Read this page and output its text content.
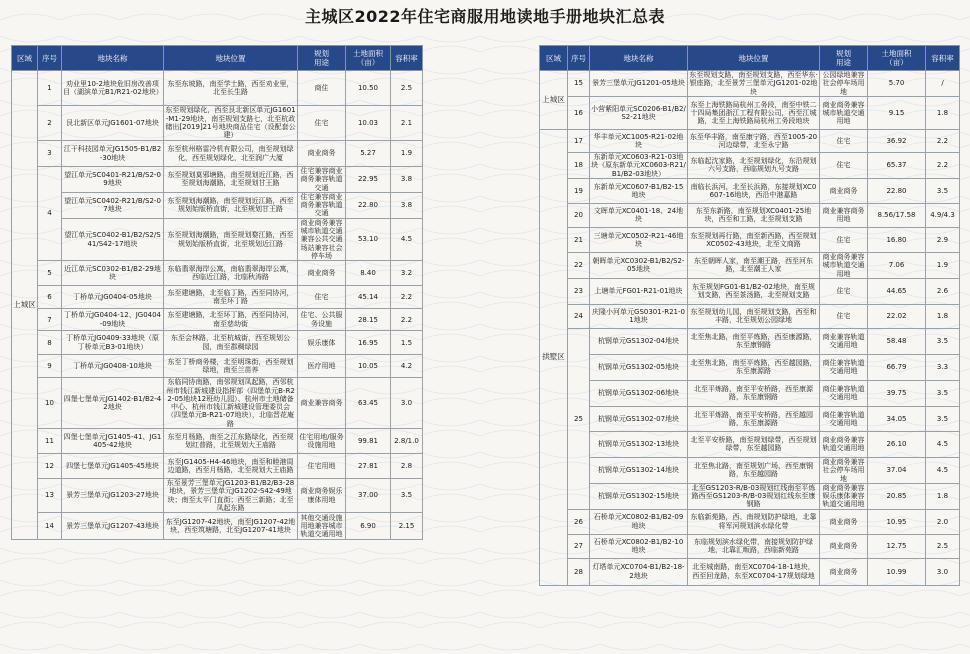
主城区2022年住宅商服用地读地手册地块汇总表
区域	序号	地块名称	地块位置	规划
用途	土地面积
（亩）	容积率
上城区	1	劝业里10-2地块危旧房改善项目（湖滨单元B1/R21-02地块）	东至东坡路，南至学士路，西至劝业里，北至长生路	商住	10.50	2.5
	2	艮北新区单元JG1601-07地块	东至规划绿化，西至艮北新区单元JG1601-M1-29地块，南至规划支路七，北至杭政储出[2019]21号地块商品住宅（设配套公建）	住宅	10.03	2.1
	3	江干科技园单元JG1505-B1/B2-30地块	东至杭州格雷冷机有限公司，南至规划绿化，西至规划绿化，北至润广大厦	商业商务	5.27	1.9
	4	望江单元SC0401-R21/B/S2-09地块	东至规划莫邪塘路，南至规划近江路，西至规划海潮路，北至规划甘王路	住宅兼容商业商务兼容轨道交通	22.95	3.8
		望江单元SC0402-R21/B/S2-07地块	东至规划海潮路，南至规划近江路，西至规划始版桥直街，北至规划甘王路	住宅兼容商业商务兼容轨道交通	22.80	3.8
		望江单元SC0402-B1/B2/S2/S41/S42-17地块	东至规划海潮路，南至规划婺江路，西至规划始版桥直街，北至规划近江路	商业商务兼容城市轨道交通兼容公共交通场站兼容社会停车场	53.10	4.5
	5	近江单元SC0302-B1/B2-29地块	东临翡翠海岸公寓，南临翡翠海岸公寓，西临近江路，北临秋涛路	商业商务	8.40	3.2
	6	丁桥单元JG0404-05地块	东至建塘路，北至临丁路，西至同协河，南至环丁路	住宅	45.14	2.2
	7	丁桥单元JG0404-12、JG0404-09地块	东至建塘路，北至环丁路，西至同协河，南至慈幼街	住宅、公共服务设施	28.15	2.2
	8	丁桥单元JG0409-33地块（原丁桥单元B3-01地块）	东至会林路，北至杭城街，西至规划公园，南至郡稠绿园	娱乐康体	16.95	1.5
	9	丁桥单元JG0408-10地块	东至丁桥商务楼，北至明珠街，西至规划绿地，南至兰苗养	医疗用地	10.05	4.2
	10	四堡七堡单元JG1402-B1/B2-42地块	东临同协南路，南邻规划凤起路，西邻杭州市钱江新城建设指挥部（四堡单元B-R22-05地块12班幼儿园）、杭州市土地储备中心、杭州市钱江新城建设管理委员会（四堡单元B-R21-07地块），北临晋花庵路	商业兼容商务	63.45	3.0
	11	四堡七堡单元JG1405-41、JG1405-42地块	东至月杨路，南至之江东路绿化，西至规划红普路，北至规划大王庙路	住宅用地/服务设施用地	99.81	2.8/1.0
	12	四堡七堡单元JG1405-45地块	东至JG1405-H4-46地块，南至和睦港周边道路，西至月杨路，北至规划大王庙路	住宅用地	27.81	2.8
	13	景芳三堡单元JG1203-27地块	东至景芳三堡单元JG1203-B1/B2/B3-28地块，景芳三堡单元JG1202-S42-49地块；南至太平门直街；西至三新路；北至凤起东路	商业商务娱乐康体用地	37.00	3.5
	14	景芳三堡单元JG1207-43地块	东至JG1207-42地块，南至JG1207-42地块，西至筑塘路，北至JG1207-41地块	其他交通设施用地兼容城市轨道交通用地	6.90	2.15
区域	序号	地块名称	地块位置	规划
用途	土地面积
（亩）	容积率
上城区	15	景芳三堡单元JG1201-05地块	东至规划支路，南至规划支路，西至华东·银座路，北至景芳三堡单元JG1201-02地块	公园绿地兼容社会停车场用地	5.70	/
	16	小营紫阳单元SC0206-B1/B2/S2-21地块	东至上海铁路局杭州工务段，南至中铁二十四局集团浙江工程有限公司，西至江城路，北至上海铁路局杭州工务段地块	商业商务兼容城市轨道交通用地	9.15	1.8
拱墅区	17	华丰单元XC1005-R21-02地块	东至华丰路，南至康宁路，西至1005-20河边绿带，北至永宁路	住宅	36.92	2.2
	18	东新单元XC0603-R21-03地块（原东新单元XC0603-R21/B1/B2-03地块）	东临起沈家路，北至规划绿化，东沿规划六号支路，西临规划九号支路	住宅	65.37	2.2
	19	东新单元XC0607-B1/B2-15地块	南临长浜河，北至长浜路，东接规划XC0607-16地块，西沿中港嘉路	商业商务	22.80	3.5
	20	文晖单元XC0401-18、24地块	东至东新路，南至规划XC0401-25地块，西至和工路，北至规划支路	商业兼容商务用地	8.56/17.58	4.9/4.3
	21	三塘单元XC0502-R21-46地块	东至规划再行路，南至新西路，西至规划XC0502-43地块，北至文商路	住宅	16.80	2.9
	22	朝晖单元XC0302-B1/B2/S2-05地块	东至朝晖人家，南至潮王路，西至河东路，北至潮王人家	商业商务兼容城市轨道交通用地	7.06	1.9
	23	上塘单元FG01-R21-01地块	东至规划FG01-B1/B2-02地块，南至规划支路，西至茶汤路，北至规划支路	住宅	44.65	2.6
	24	庆隆小河单元GS0301-R21-01地块	东至规划幼儿园，南至规划支路，西至和丰路，北至规划公园绿地	住宅	22.02	1.8
	25	杭钢单元GS1302-04地块	北至焦北路，南至平炼路，西至康源路，东至康钢路	商业兼容轨道交通用地	58.48	3.5
		杭钢单元GS1302-05地块	北至焦北路，南至平炼路，西至越园路，东至康源路	商住兼容轨道交通用地	66.79	3.3
		杭钢单元GS1302-06地块	北至平炼路，南至平安桥路，西至康源路，东至康钢路	商住兼容轨道交通用地	39.75	3.5
		杭钢单元GS1302-07地块	北至平炼路，南至平安桥路，西至越园路，东至康源路	商住兼容轨道交通用地	34.05	3.5
		杭钢单元GS1302-13地块	北至平安桥路，南至规划绿带，西至规划绿带，东至越园路	商业商务兼容轨道交通用地	26.10	4.5
		杭钢单元GS1302-14地块	北至焦北路，南至规划广场，西至康钢路，东至越园路	商业商务兼容社会停车场用地	37.04	4.5
		杭钢单元GS1302-15地块	北至GS1203-R/B-03规划红线南至平炼路西至GS1203-R/B-03规划红线东至康钢路	商业商务兼容娱乐康体兼容轨道交通用地	20.85	1.8
	26	石桥单元XC0802-B1/B2-09地块	东临新苑路，西、南规划防护绿地，北靠将军河规划滨水绿化带	商业商务	10.95	2.0
	27	石桥单元XC0802-B1/B2-10地块	东临规划滨水绿化带，南接规划防护绿地，北靠汇畈路，西临新苑路	商业商务	12.75	2.5
	28	灯塔单元XC0704-B1/B2-18-2地块	北至城南路，南至XC0704-18-1地块，西至回龙路，东至XC0704-17规划绿地	商业商务	10.99	3.0
